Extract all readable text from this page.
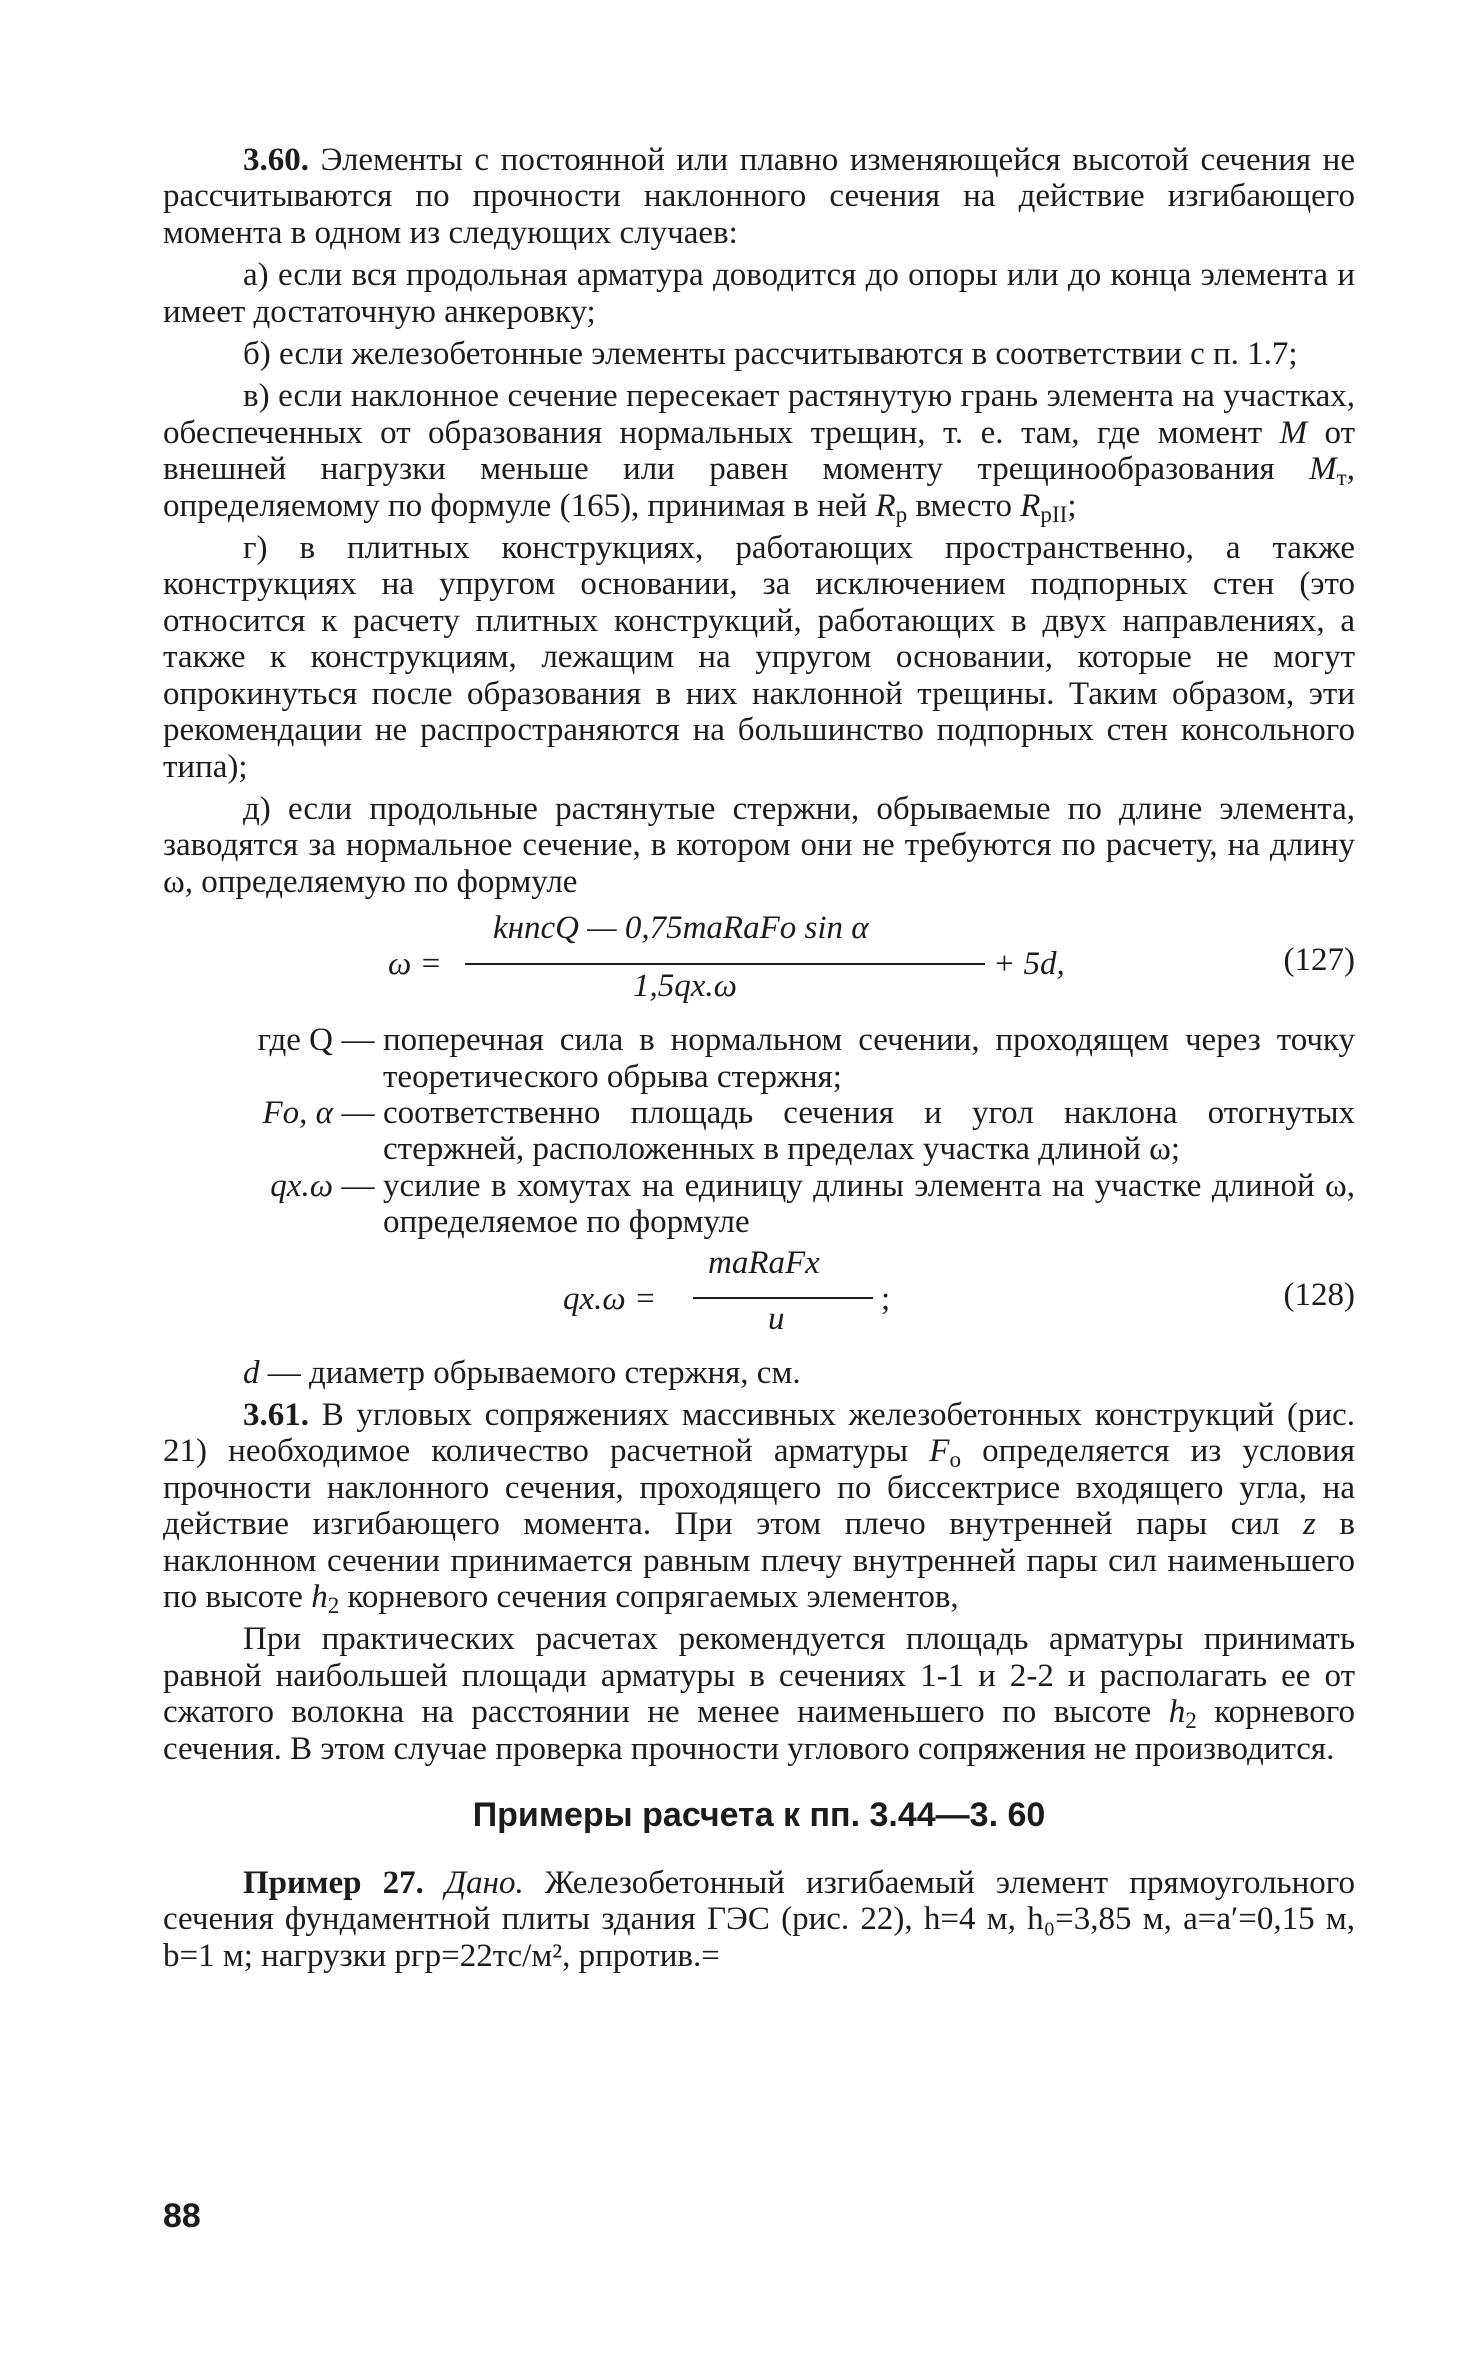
3.60. Элементы с постоянной или плавно изменяющейся высотой сечения не рассчитываются по прочности наклонного сечения на действие изгибающего момента в одном из следующих случаев:

а) если вся продольная арматура доводится до опоры или до конца элемента и имеет достаточную анкеровку;

б) если железобетонные элементы рассчитываются в соответствии с п. 1.7;

в) если наклонное сечение пересекает растянутую грань элемента на участках, обеспеченных от образования нормальных трещин, т. е. там, где момент М от внешней нагрузки меньше или равен моменту трещинообразования $М_т$, определяемому по формуле (165), принимая в ней $R_р$ вместо $R_{рII}$;

г) в плитных конструкциях, работающих пространственно, а также конструкциях на упругом основании, за исключением подпорных стен (это относится к расчету плитных конструкций, работающих в двух направлениях, а также к конструкциям, лежащим на упругом основании, которые не могут опрокинуться после образования в них наклонной трещины. Таким образом, эти рекомендации не распространяются на большинство подпорных стен консольного типа);

д) если продольные растянутые стержни, обрываемые по длине элемента, заводятся за нормальное сечение, в котором они не требуются по расчету, на длину ω, определяемую по формуле

ω =
kнnсQ — 0,75mаRаFо sin α
1,5qх.ω
+ 5d,	(127)
где Q — поперечная сила в нормальном сечении, проходящем через точку теоретического обрыва стержня;
Fо, α — соответственно площадь сечения и угол наклона отогнутых стержней, расположенных в пределах участка длиной ω;
qх.ω — усилие в хомутах на единицу длины элемента на участке длиной ω, определяемое по формуле
qх.ω =
mаRаFх
u
;	(128)

d — диаметр обрываемого стержня, см.

3.61. В угловых сопряжениях массивных железобетонных конструкций (рис. 21) необходимое количество расчетной арматуры $F_о$ определяется из условия прочности наклонного сечения, проходящего по биссектрисе входящего угла, на действие изгибающего момента. При этом плечо внутренней пары сил z в наклонном сечении принимается равным плечу внутренней пары сил наименьшего по высоте $h_2$ корневого сечения сопрягаемых элементов,

При практических расчетах рекомендуется площадь арматуры принимать равной наибольшей площади арматуры в сечениях 1-1 и 2-2 и располагать ее от сжатого волокна на расстоянии не менее наименьшего по высоте $h_2$ корневого сечения. В этом случае проверка прочности углового сопряжения не производится.

Примеры расчета к пп. 3.44—3. 60

Пример 27. Дано. Железобетонный изгибаемый элемент прямоугольного сечения фундаментной плиты здания ГЭС (рис. 22), h=4 м, h₀=3,85 м, a=a′=0,15 м, b=1 м; нагрузки pгр=22тс/м², pпротив.=

88
